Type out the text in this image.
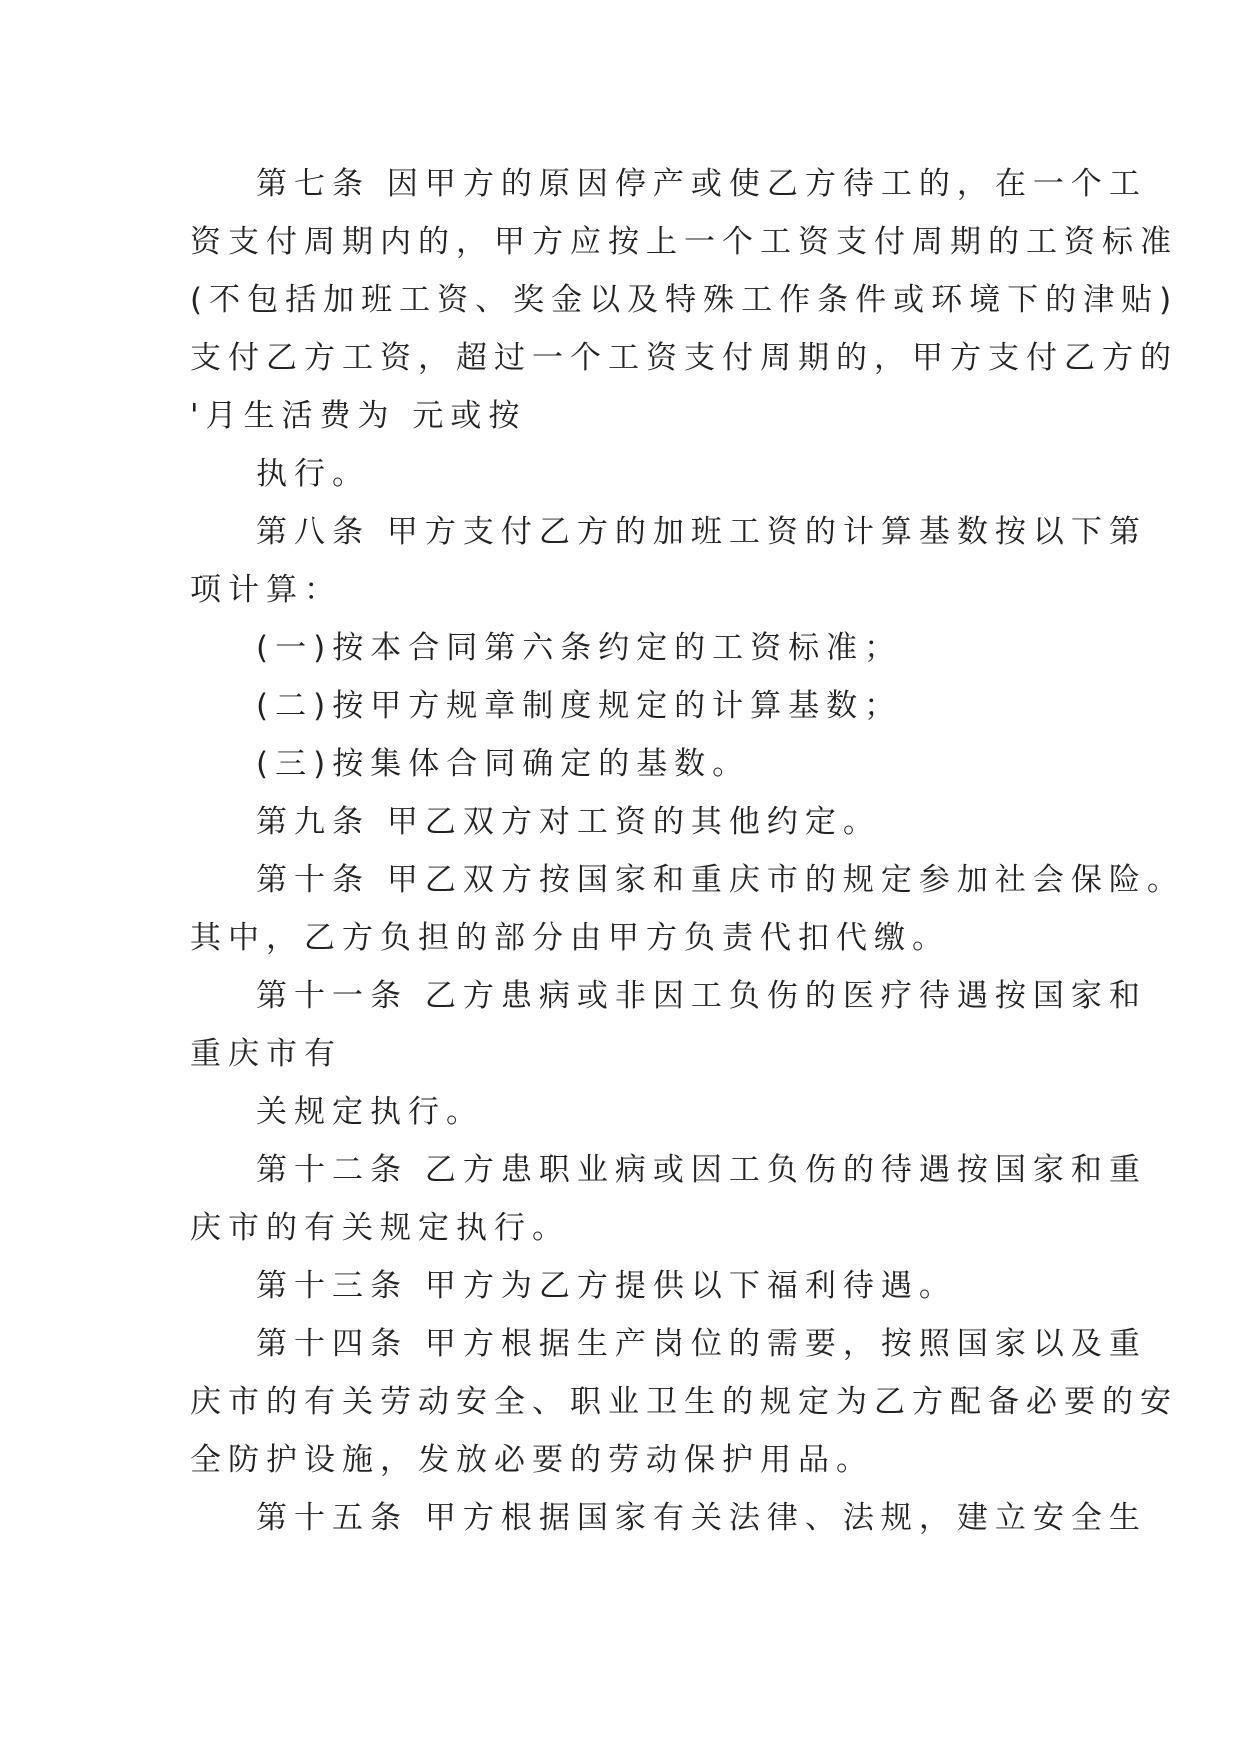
第七条 因甲方的原因停产或使乙方待工的，在一个工
资支付周期内的，甲方应按上一个工资支付周期的工资标准
(不包括加班工资、奖金以及特殊工作条件或环境下的津贴)
支付乙方工资，超过一个工资支付周期的，甲方支付乙方的
'月生活费为 元或按
执行。
第八条 甲方支付乙方的加班工资的计算基数按以下第
项计算：
(一)按本合同第六条约定的工资标准；
(二)按甲方规章制度规定的计算基数；
(三)按集体合同确定的基数。
第九条 甲乙双方对工资的其他约定。
第十条 甲乙双方按国家和重庆市的规定参加社会保险。
其中，乙方负担的部分由甲方负责代扣代缴。
第十一条 乙方患病或非因工负伤的医疗待遇按国家和
重庆市有
关规定执行。
第十二条 乙方患职业病或因工负伤的待遇按国家和重
庆市的有关规定执行。
第十三条 甲方为乙方提供以下福利待遇。
第十四条 甲方根据生产岗位的需要，按照国家以及重
庆市的有关劳动安全、职业卫生的规定为乙方配备必要的安
全防护设施，发放必要的劳动保护用品。
第十五条 甲方根据国家有关法律、法规，建立安全生
